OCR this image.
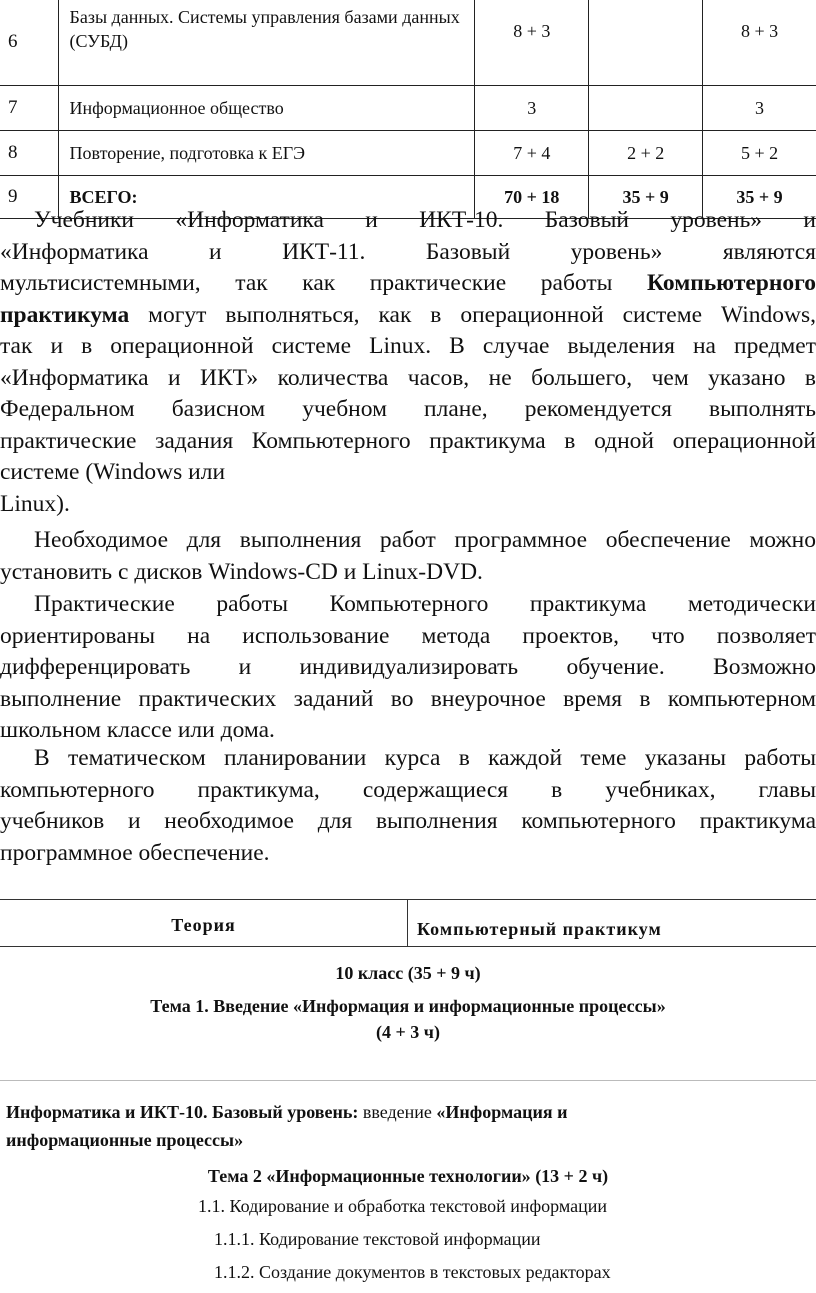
6	Базы данных. Системы управления базами данных (СУБД)	8 + 3		8 + 3
7	Информационное общество	3		3
8	Повторение, подготовка к ЕГЭ	7 + 4	2 + 2	5 + 2
9	ВСЕГО:	70 + 18	35 + 9	35 + 9
Учебники «Информатика и ИКТ-10. Базовый уровень» и
«Информатика и ИКТ-11. Базовый уровень» являются
мультисистемными, так как практические работы Компьютерного
практикума могут выполняться, как в операционной системе Windows,
так и в операционной системе Linux. В случае выделения на предмет
«Информатика и ИКТ» количества часов, не большего, чем указано в
Федеральном базисном учебном плане, рекомендуется выполнять
практические задания Компьютерного практикума в одной операционной
системе (Windows или
Linux).
Необходимое для выполнения работ программное обеспечение можно
установить с дисков Windows-CD и Linux-DVD.
Практические работы Компьютерного практикума методически
ориентированы на использование метода проектов, что позволяет
дифференцировать и индивидуализировать обучение. Возможно
выполнение практических заданий во внеурочное время в компьютерном
школьном классе или дома.
В тематическом планировании курса в каждой теме указаны работы
компьютерного практикума, содержащиеся в учебниках, главы
учебников и необходимое для выполнения компьютерного практикума
программное обеспечение.
Теория	Компьютерный практикум
10 класс (35 + 9 ч)
Тема 1. Введение «Информация и информационные процессы»
(4 + 3 ч)
Информатика и ИКТ-10. Базовый уровень: введение «Информация и
информационные процессы»
Тема 2 «Информационные технологии» (13 + 2 ч)
1.1. Кодирование и обработка текстовой информации
1.1.1. Кодирование текстовой информации
1.1.2. Создание документов в текстовых редакторах
